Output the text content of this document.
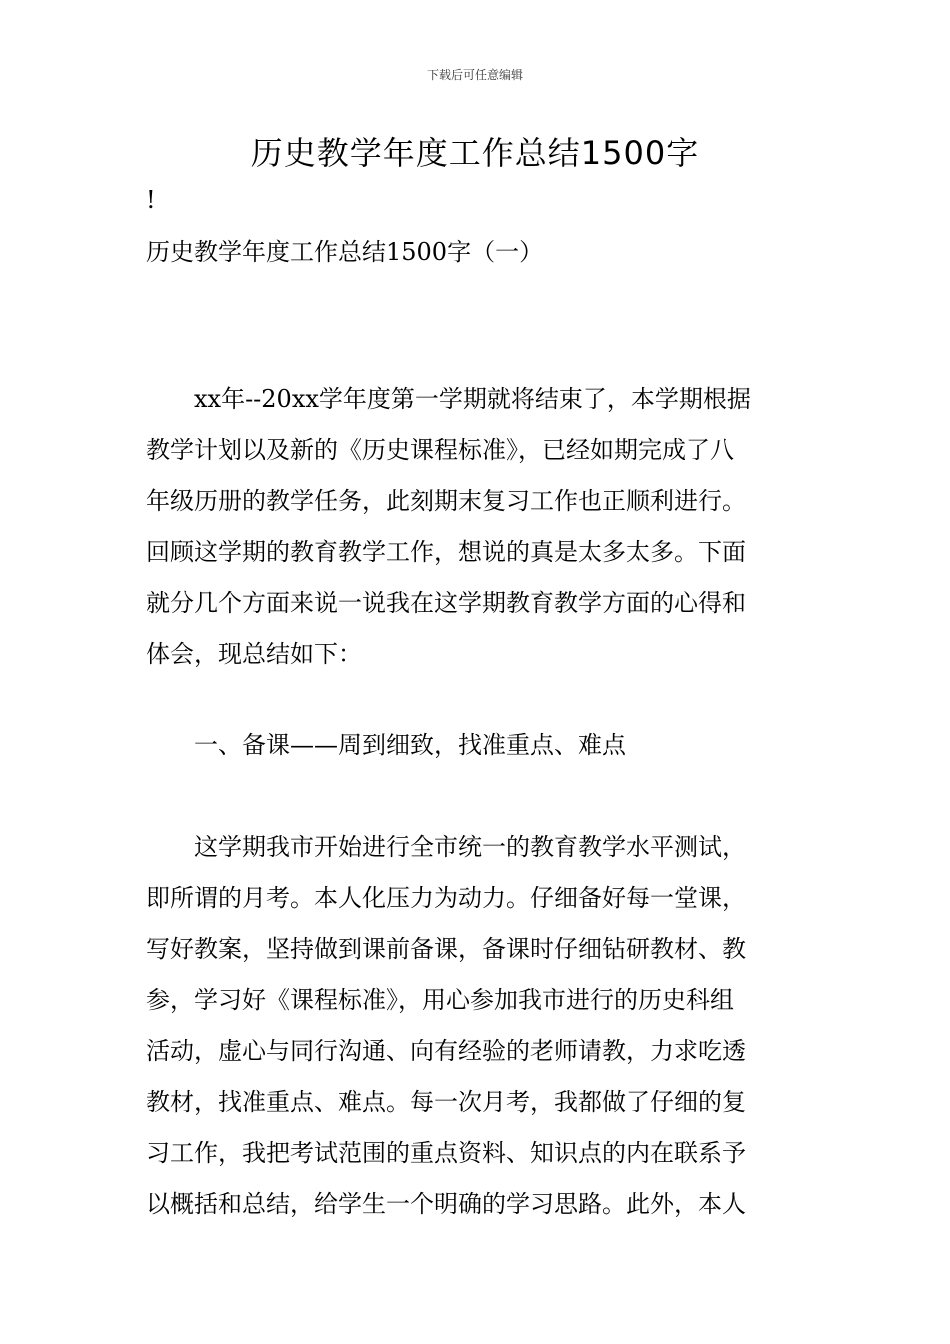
下载后可任意编辑
历史教学年度工作总结1500字
!
历史教学年度工作总结1500字（一）
　　xx年--20xx学年度第一学期就将结束了，本学期根据
教学计划以及新的《历史课程标准》，已经如期完成了八
年级历册的教学任务，此刻期末复习工作也正顺利进行。
回顾这学期的教育教学工作，想说的真是太多太多。下面
就分几个方面来说一说我在这学期教育教学方面的心得和
体会，现总结如下：
　　一、备课——周到细致，找准重点、难点
　　这学期我市开始进行全市统一的教育教学水平测试，
即所谓的月考。本人化压力为动力。仔细备好每一堂课，
写好教案，坚持做到课前备课，备课时仔细钻研教材、教
参，学习好《课程标准》，用心参加我市进行的历史科组
活动，虚心与同行沟通、向有经验的老师请教，力求吃透
教材，找准重点、难点。每一次月考，我都做了仔细的复
习工作，我把考试范围的重点资料、知识点的内在联系予
以概括和总结，给学生一个明确的学习思路。此外，本人
